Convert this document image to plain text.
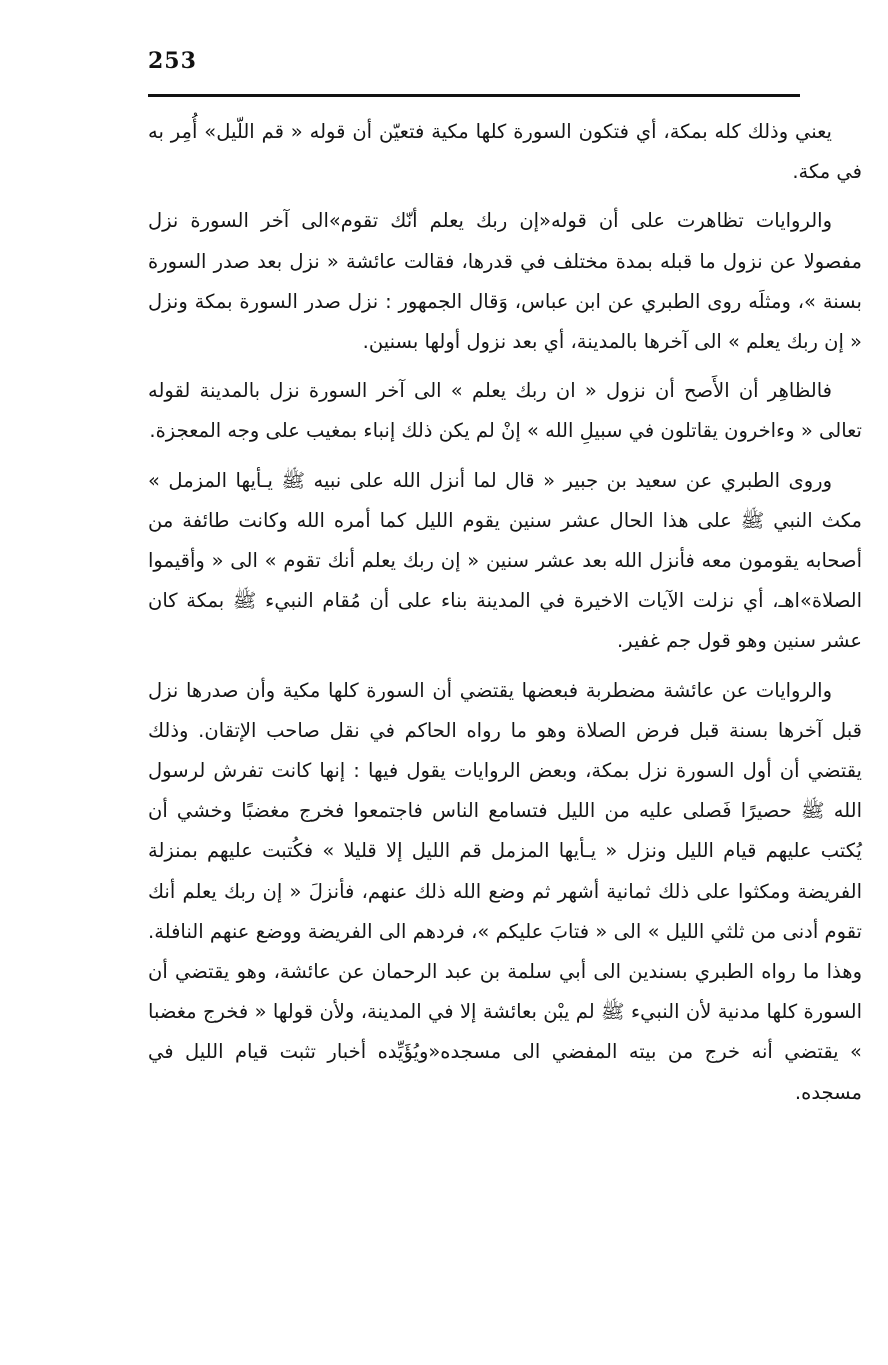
253

يعني وذلك كله بمكة، أي فتكون السورة كلها مكية فتعيّن أن قوله « قم اللّيل» أُمِر به في مكة.

والروايات تظاهرت على أن قوله«إن ربك يعلم أنّك تقوم»الى آخر السورة نزل مفصولا عن نزول ما قبله بمدة مختلف في قدرها، فقالت عائشة « نزل بعد صدر السورة بسنة »، ومثلَه روى الطبري عن ابن عباس، وَقال الجمهور : نزل صدر السورة بمكة ونزل « إن ربك يعلم » الى آخرها بالمدينة، أي بعد نزول أولها بسنين.

فالظاهِر أن الأَصح أن نزول « ان ربك يعلم » الى آخر السورة نزل بالمدينة لقوله تعالى « وءاخرون يقاتلون في سبيلِ الله » إنْ لم يكن ذلك إنباء بمغيب على وجه المعجزة.

وروى الطبري عن سعيد بن جبير « قال لما أنزل الله على نبيه ﷺ يـأيها المزمل » مكث النبي ﷺ على هذا الحال عشر سنين يقوم الليل كما أمره الله وكانت طائفة من أصحابه يقومون معه فأنزل الله بعد عشر سنين « إن ربك يعلم أنك تقوم » الى « وأقيموا الصلاة»اهـ، أي نزلت الآيات الاخيرة في المدينة بناء على أن مُقام النبيء ﷺ بمكة كان عشر سنين وهو قول جم غفير.

والروايات عن عائشة مضطربة فبعضها يقتضي أن السورة كلها مكية وأن صدرها نزل قبل آخرها بسنة قبل فرض الصلاة وهو ما رواه الحاكم في نقل صاحب الإتقان. وذلك يقتضي أن أول السورة نزل بمكة، وبعض الروايات يقول فيها : إنها كانت تفرش لرسول الله ﷺ حصيرًا فَصلى عليه من الليل فتسامع الناس فاجتمعوا فخرج مغضبًا وخشي أن يُكتب عليهم قيام الليل ونزل « يـأيها المزمل قم الليل إلا قليلا » فكُتبت عليهم بمنزلة الفريضة ومكثوا على ذلك ثمانية أشهر ثم وضع الله ذلك عنهم، فأنزلَ « إن ربك يعلم أنك تقوم أدنى من ثلثي الليل » الى « فتابَ عليكم »، فردهم الى الفريضة ووضع عنهم النافلة. وهذا ما رواه الطبري بسندين الى أبي سلمة بن عبد الرحمان عن عائشة، وهو يقتضي أن السورة كلها مدنية لأن النبيء ﷺ لم يبْن بعائشة إلا في المدينة، ولأن قولها « فخرج مغضبا » يقتضي أنه خرج من بيته المفضي الى مسجده«ويُؤَيِّده أخبار تثبت قيام الليل في مسجده.
